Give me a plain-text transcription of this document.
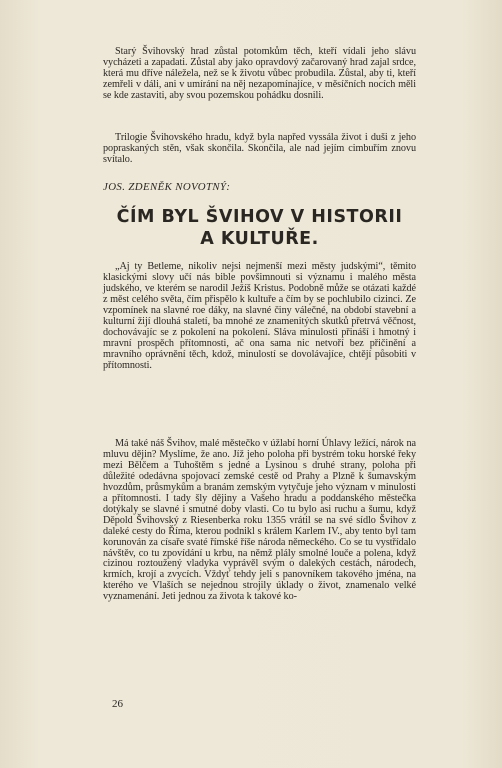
Starý Švihovský hrad zůstal potomkům těch, kteří vídali jeho slávu vycházeti a zapadati. Zůstal aby jako opravdový začarovaný hrad zajal srdce, která mu dříve náležela, než se k životu vůbec probudila. Zůstal, aby ti, kteří zemřeli v dáli, ani v umírání na něj nezapomínajíce, v měsíčních nocích měli se kde zastaviti, aby svou pozemskou pohádku dosnili.

Trilogie Švihovského hradu, když byla napřed vyssála život i duši z jeho popraskaných stěn, však skončila. Skončila, ale nad jejím cimbuřím znovu svítalo.

JOS. ZDENĚK NOVOTNÝ:

ČÍM BYL ŠVIHOV V HISTORII
A KULTUŘE.

„Aj ty Betleme, nikoliv nejsi nejmenší mezi městy judskými“, těmito klasickými slovy učí nás bible povšimnouti si významu i malého města judského, ve kterém se narodil Ježíš Kristus. Podobně může se otázati každé z měst celého světa, čím přispělo k kultuře a čím by se pochlubilo cizinci. Ze vzpomínek na slavné roe dáky, na slavné činy válečné, na období stavební a kulturní žijí dlouhá staletí, ba mnohé ze znamenitých skutků přetrvá věčnost, dochovávajíc se z pokolení na pokolení. Sláva minulosti přináší i hmotný i mravní prospěch přítomnosti, ač ona sama nic netvoří bez přičinění a mravního oprávnění těch, kdož, minulostí se dovolávajíce, chtějí působiti v přítomnosti.

Má také náš Švihov, malé městečko v úžlabí horní Úhlavy ležící, nárok na mluvu dějin? Myslíme, že ano. Jíž jeho poloha při bystrém toku horské řeky mezi Bělčem a Tuhoštěm s jedné a Lysinou s druhé strany, poloha při důležité odedávna spojovací zemské cestě od Prahy a Plzně k šumavským hvozdům, průsmykům a branám zemským vytyčuje jeho význam v minulosti a přítomnosti. I tady šly dějiny a Vašeho hradu a poddanského městečka dotýkaly se slavné i smutné doby vlasti. Co tu bylo asi ruchu a šumu, když Děpold Švihovský z Riesenberka roku 1355 vrátil se na své sídlo Švihov z daleké cesty do Říma, kterou podnikl s králem Karlem IV., aby tento byl tam korunován za císaře svaté římské říše národa německého. Co se tu vystřídalo návštěv, co tu zpovídání u krbu, na němž plály smolné louče a polena, když cizinou roztoužený vladyka vyprávěl svým o dalekých cestách, národech, krmích, krojí a zvycích. Vždyť tehdy jeli s panovníkem takového jména, na kterého ve Vlaších se nejednou strojily úklady o život, znamenalo velké vyznamenání. Jeti jednou za života k takové ko-

26
